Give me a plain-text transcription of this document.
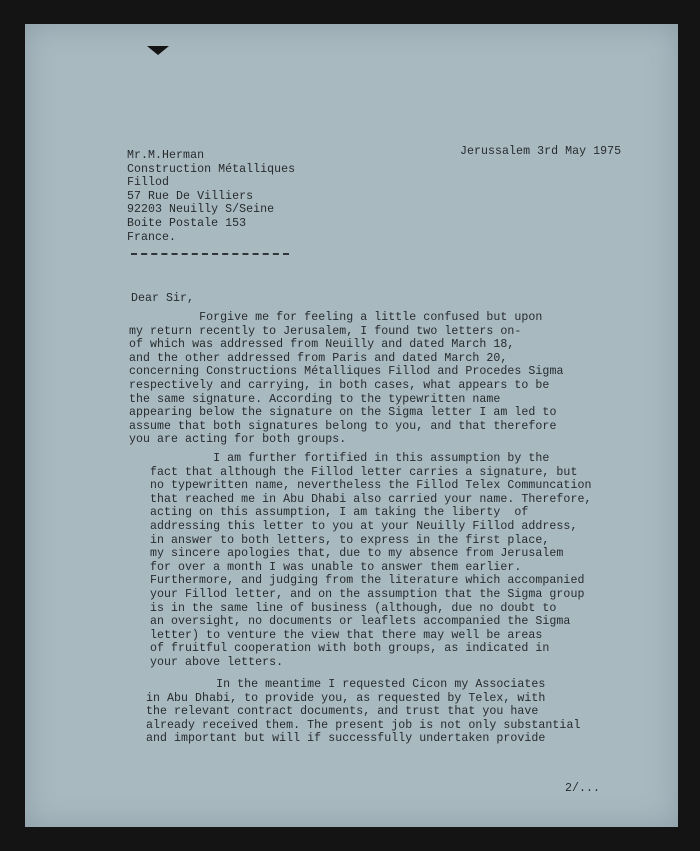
Mr.M.Herman
Construction Métalliques
Fillod
57 Rue De Villiers
92203 Neuilly S/Seine
Boite Postale 153
France.
Jerussalem 3rd May 1975
Dear Sir,
Forgive me for feeling a little confused but upon
my return recently to Jerusalem, I found two letters on-
of which was addressed from Neuilly and dated March 18,
and the other addressed from Paris and dated March 20,
concerning Constructions Métalliques Fillod and Procedes Sigma
respectively and carrying, in both cases, what appears to be
the same signature. According to the typewritten name
appearing below the signature on the Sigma letter I am led to
assume that both signatures belong to you, and that therefore
you are acting for both groups.
I am further fortified in this assumption by the
fact that although the Fillod letter carries a signature, but
no typewritten name, nevertheless the Fillod Telex Communcation
that reached me in Abu Dhabi also carried your name. Therefore,
acting on this assumption, I am taking the liberty  of
addressing this letter to you at your Neuilly Fillod address,
in answer to both letters, to express in the first place,
my sincere apologies that, due to my absence from Jerusalem
for over a month I was unable to answer them earlier.
Furthermore, and judging from the literature which accompanied
your Fillod letter, and on the assumption that the Sigma group
is in the same line of business (although, due no doubt to
an oversight, no documents or leaflets accompanied the Sigma
letter) to venture the view that there may well be areas
of fruitful cooperation with both groups, as indicated in
your above letters.
In the meantime I requested Cicon my Associates
in Abu Dhabi, to provide you, as requested by Telex, with
the relevant contract documents, and trust that you have
already received them. The present job is not only substantial
and important but will if successfully undertaken provide
2/...
